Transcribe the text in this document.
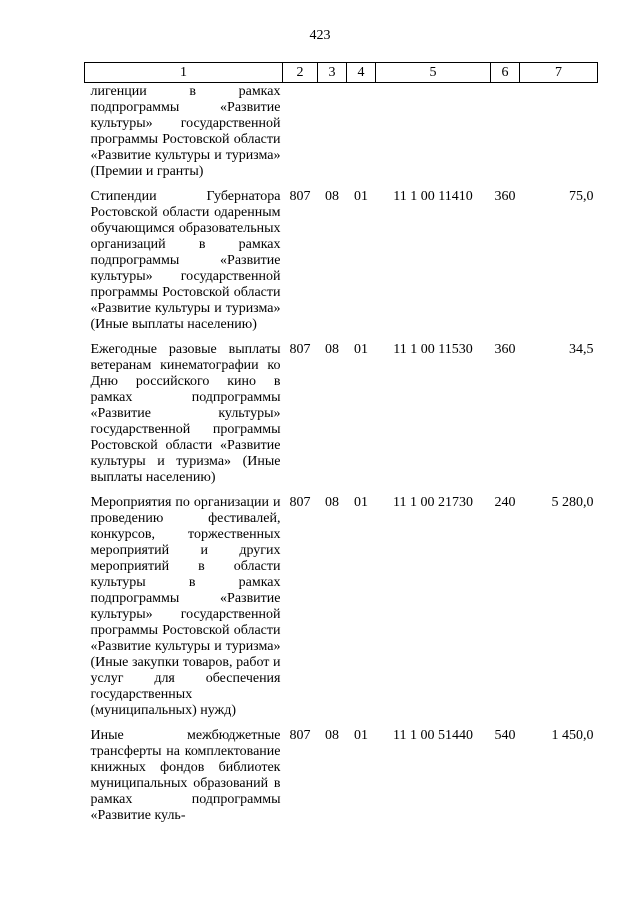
423
1	2	3	4	5	6	7
лигенции в рамках подпрограммы «Развитие культуры» государственной программы Ростовской области «Развитие культуры и туризма» (Премии и гранты)						
Стипендии Губернатора Ростовской области одаренным обучающимся образовательных организаций в рамках подпрограммы «Развитие культуры» государственной программы Ростовской области «Развитие культуры и туризма» (Иные выплаты населению)	807	08	01	11 1 00 11410	360	75,0
Ежегодные разовые выплаты ветеранам кинематографии ко Дню российского кино в рамках подпрограммы «Развитие культуры» государственной программы Ростовской области «Развитие культуры и туризма» (Иные выплаты населению)	807	08	01	11 1 00 11530	360	34,5
Мероприятия по организации и проведению фестивалей, конкурсов, торжественных мероприятий и других мероприятий в области культуры в рамках подпрограммы «Развитие культуры» государственной программы Ростовской области «Развитие культуры и туризма» (Иные закупки товаров, работ и услуг для обеспечения государственных (муниципальных) нужд)	807	08	01	11 1 00 21730	240	5 280,0
Иные межбюджетные трансферты на комплектование книжных фондов библиотек муниципальных образований в рамках подпрограммы «Развитие куль-	807	08	01	11 1 00 51440	540	1 450,0
